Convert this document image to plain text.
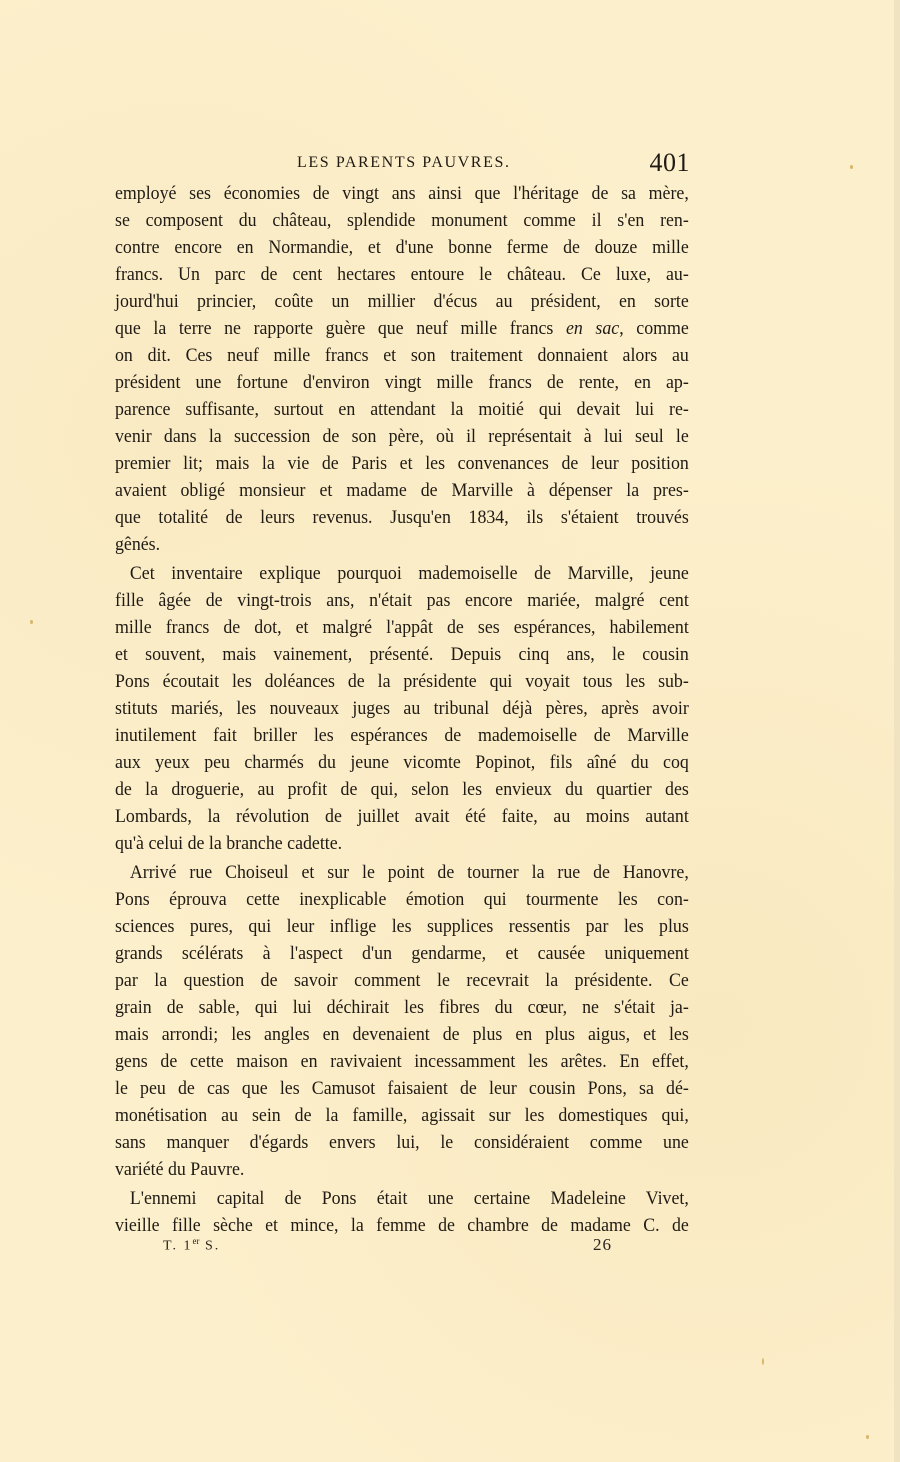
LES PARENTS PAUVRES.	401
employé ses économies de vingt ans ainsi que l'héritage de sa mère,
se composent du château, splendide monument comme il s'en ren-
contre encore en Normandie, et d'une bonne ferme de douze mille
francs. Un parc de cent hectares entoure le château. Ce luxe, au-
jourd'hui princier, coûte un millier d'écus au président, en sorte
que la terre ne rapporte guère que neuf mille francs en sac, comme
on dit. Ces neuf mille francs et son traitement donnaient alors au
président une fortune d'environ vingt mille francs de rente, en ap-
parence suffisante, surtout en attendant la moitié qui devait lui re-
venir dans la succession de son père, où il représentait à lui seul le
premier lit; mais la vie de Paris et les convenances de leur position
avaient obligé monsieur et madame de Marville à dépenser la pres-
que totalité de leurs revenus. Jusqu'en 1834, ils s'étaient trouvés
gênés.
Cet inventaire explique pourquoi mademoiselle de Marville, jeune
fille âgée de vingt-trois ans, n'était pas encore mariée, malgré cent
mille francs de dot, et malgré l'appât de ses espérances, habilement
et souvent, mais vainement, présenté. Depuis cinq ans, le cousin
Pons écoutait les doléances de la présidente qui voyait tous les sub-
stituts mariés, les nouveaux juges au tribunal déjà pères, après avoir
inutilement fait briller les espérances de mademoiselle de Marville
aux yeux peu charmés du jeune vicomte Popinot, fils aîné du coq
de la droguerie, au profit de qui, selon les envieux du quartier des
Lombards, la révolution de juillet avait été faite, au moins autant
qu'à celui de la branche cadette.
Arrivé rue Choiseul et sur le point de tourner la rue de Hanovre,
Pons éprouva cette inexplicable émotion qui tourmente les con-
sciences pures, qui leur inflige les supplices ressentis par les plus
grands scélérats à l'aspect d'un gendarme, et causée uniquement
par la question de savoir comment le recevrait la présidente. Ce
grain de sable, qui lui déchirait les fibres du cœur, ne s'était ja-
mais arrondi; les angles en devenaient de plus en plus aigus, et les
gens de cette maison en ravivaient incessamment les arêtes. En effet,
le peu de cas que les Camusot faisaient de leur cousin Pons, sa dé-
monétisation au sein de la famille, agissait sur les domestiques qui,
sans manquer d'égards envers lui, le considéraient comme une
variété du Pauvre.
L'ennemi capital de Pons était une certaine Madeleine Vivet,
vieille fille sèche et mince, la femme de chambre de madame C. de
T. 1er S.	26
